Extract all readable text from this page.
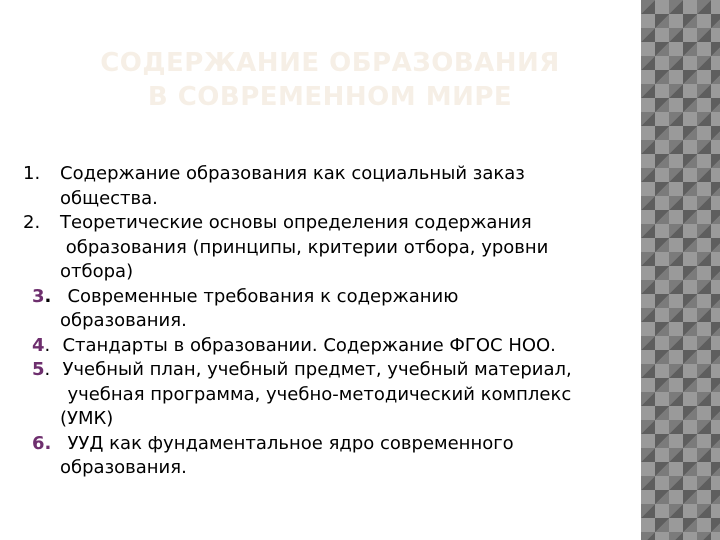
СОДЕРЖАНИЕ ОБРАЗОВАНИЯ
В СОВРЕМЕННОМ МИРЕ
1. Содержание образования как социальный заказ
общества.
2. Теоретические основы определения содержания
образования (принципы, критерии отбора, уровни
отбора)
3. Современные требования к содержанию
образования.
4. Стандарты в образовании. Содержание ФГОС НОО.
5. Учебный план, учебный предмет, учебный материал,
учебная программа, учебно-методический комплекс
(УМК)
6. УУД как фундаментальное ядро современного
образования.
